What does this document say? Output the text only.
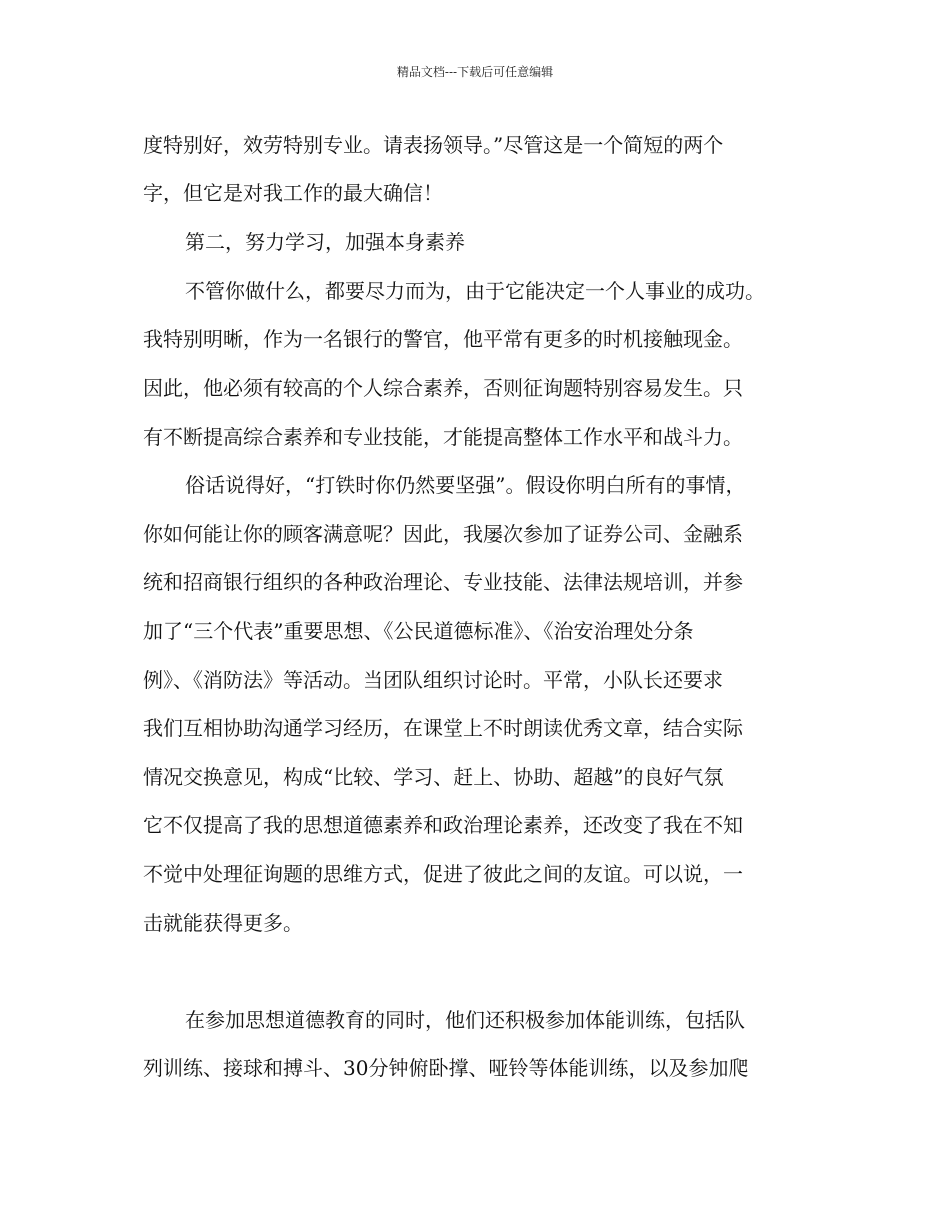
精品文档---下载后可任意编辑
度特别好，效劳特别专业。请表扬领导。”尽管这是一个简短的两个
字，但它是对我工作的最大确信！
第二，努力学习，加强本身素养
不管你做什么，都要尽力而为，由于它能决定一个人事业的成功。
我特别明晰，作为一名银行的警官，他平常有更多的时机接触现金。
因此，他必须有较高的个人综合素养，否则征询题特别容易发生。只
有不断提高综合素养和专业技能，才能提高整体工作水平和战斗力。
俗话说得好，“打铁时你仍然要坚强”。假设你明白所有的事情，
你如何能让你的顾客满意呢？因此，我屡次参加了证券公司、金融系
统和招商银行组织的各种政治理论、专业技能、法律法规培训，并参
加了“三个代表”重要思想、《公民道德标准》、《治安治理处分条
例》、《消防法》等活动。当团队组织讨论时。平常，小队长还要求
我们互相协助沟通学习经历，在课堂上不时朗读优秀文章，结合实际
情况交换意见，构成“比较、学习、赶上、协助、超越”的良好气氛
它不仅提高了我的思想道德素养和政治理论素养，还改变了我在不知
不觉中处理征询题的思维方式，促进了彼此之间的友谊。可以说，一
击就能获得更多。
在参加思想道德教育的同时，他们还积极参加体能训练，包括队
列训练、接球和搏斗、30分钟俯卧撑、哑铃等体能训练，以及参加爬
